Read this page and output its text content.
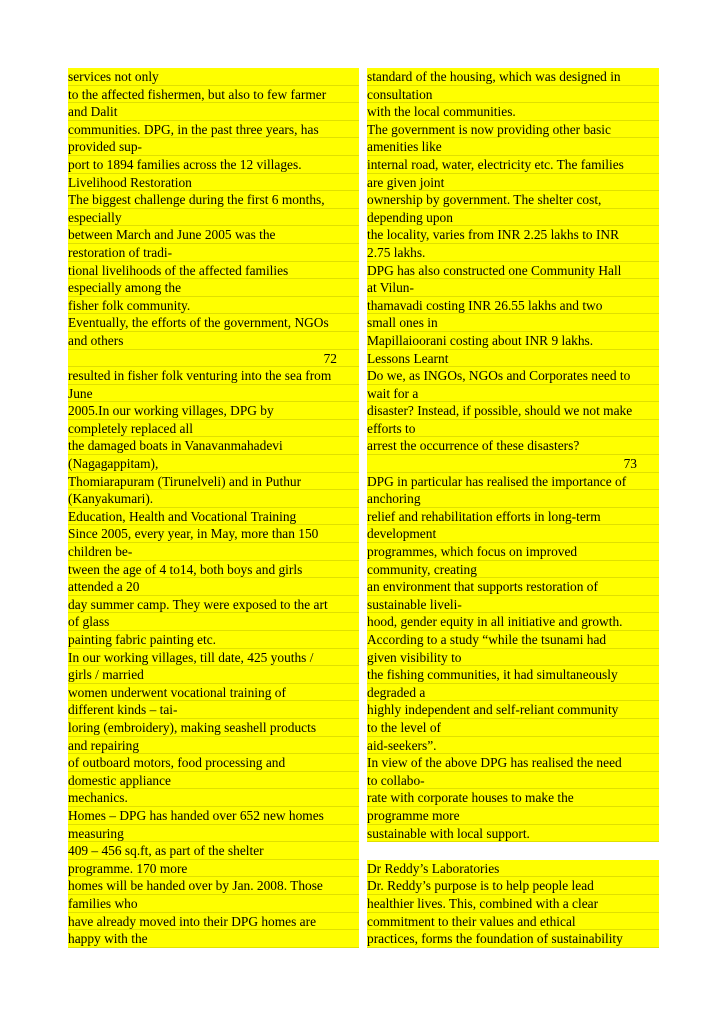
services not only
to the affected fishermen, but also to few farmer
and Dalit
communities. DPG, in the past three years, has
provided sup-
port to 1894 families across the 12 villages.
Livelihood Restoration
The biggest challenge during the first 6 months,
especially
between March and June 2005 was the
restoration of tradi-
tional livelihoods of the affected families
especially among the
fisher folk community.
Eventually, the efforts of the government, NGOs
and others
72
resulted in fisher folk venturing into the sea from
June
2005.In our working villages, DPG by
completely replaced all
the damaged boats in Vanavanmahadevi
(Nagagappitam),
Thomiarapuram (Tirunelveli) and in Puthur
(Kanyakumari).
Education, Health and Vocational Training
Since 2005, every year, in May, more than 150
children be-
tween the age of 4 to14, both boys and girls
attended a 20
day summer camp. They were exposed to the art
of glass
painting fabric painting etc.
In our working villages, till date, 425 youths /
girls / married
women underwent vocational training of
different kinds – tai-
loring (embroidery), making seashell products
and repairing
of outboard motors, food processing and
domestic appliance
mechanics.
Homes – DPG has handed over 652 new homes
measuring
409 – 456 sq.ft, as part of the shelter
programme. 170 more
homes will be handed over by Jan. 2008. Those
families who
have already moved into their DPG homes are
happy with the
standard of the housing, which was designed in
consultation
with the local communities.
The government is now providing other basic
amenities like
internal road, water, electricity etc. The families
are given joint
ownership by government. The shelter cost,
depending upon
the locality, varies from INR 2.25 lakhs to INR
2.75 lakhs.
DPG has also constructed one Community Hall
at Vilun-
thamavadi costing INR 26.55 lakhs and two
small ones in
Mapillaioorani costing about INR 9 lakhs.
Lessons Learnt
Do we, as INGOs, NGOs and Corporates need to
wait for a
disaster? Instead, if possible, should we not make
efforts to
arrest the occurrence of these disasters?
73
DPG in particular has realised the importance of
anchoring
relief and rehabilitation efforts in long-term
development
programmes, which focus on improved
community, creating
an environment that supports restoration of
sustainable liveli-
hood, gender equity in all initiative and growth.
According to a study “while the tsunami had
given visibility to
the fishing communities, it had simultaneously
degraded a
highly independent and self-reliant community
to the level of
aid-seekers”.
In view of the above DPG has realised the need
to collabo-
rate with corporate houses to make the
programme more
sustainable with local support.
Dr Reddy’s Laboratories
Dr. Reddy’s purpose is to help people lead
healthier lives. This, combined with a clear
commitment to their values and ethical
practices, forms the foundation of sustainability
